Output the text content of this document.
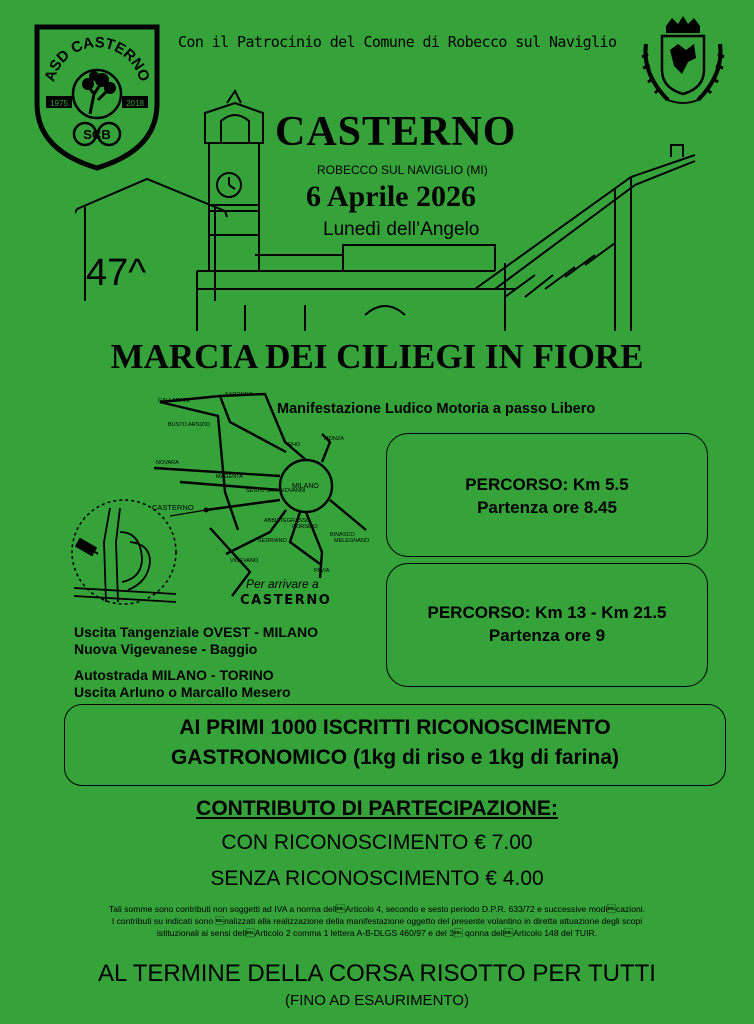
ASD CASTERNO
1975	2018
SCB
Con il Patrocinio del Comune di Robecco sul Naviglio
CASTERNO
ROBECCO SUL NAVIGLIO (MI)
6 Aprile 2026
Lunedì dell’Angelo
47^
MARCIA DEI CILIEGI IN FIORE
Manifestazione Ludico Motoria a passo Libero
GALLARATE
SARONNO
BUSTO ARSIZIO
RHO
MONZA
NOVARA
MAGENTA
MILANO
CASTERNO
SEDRIANO
ABBIATEGRASSO
BINASCO
MELEGNANO
VIGEVANO
PAVIA
SESTO SAN GIOVANNI
CORSICO
Per arrivare a
CASTERNO
Uscita Tangenziale OVEST - MILANO
Nuova Vigevanese - Baggio
Autostrada MILANO - TORINO
Uscita Arluno o Marcallo Mesero
PERCORSO: Km 5.5
Partenza ore 8.45
PERCORSO: Km 13 - Km 21.5
Partenza ore 9
AI PRIMI 1000 ISCRITTI RICONOSCIMENTO
GASTRONOMICO (1kg di riso e 1kg di farina)
CONTRIBUTO DI PARTECIPAZIONE:
CON RICONOSCIMENTO € 7.00
SENZA RICONOSCIMENTO € 4.00
Tali somme sono contributi non soggetti ad IVA a norma dellArticolo 4, secondo e sesto periodo D.P.R. 633/72 e successive modicazioni.
I contributi su indicati sono nalizzati alla realizzazione della manifestazione oggetto del presente volantino in diretta attuazione degli scopi
istituzionali ai sensi dellArticolo 2 comma 1 lettera A-B-DLGS 460/97 e del 3 qonna dellArticolo 148 del TUIR.
AL TERMINE DELLA CORSA RISOTTO PER TUTTI
(FINO AD ESAURIMENTO)
